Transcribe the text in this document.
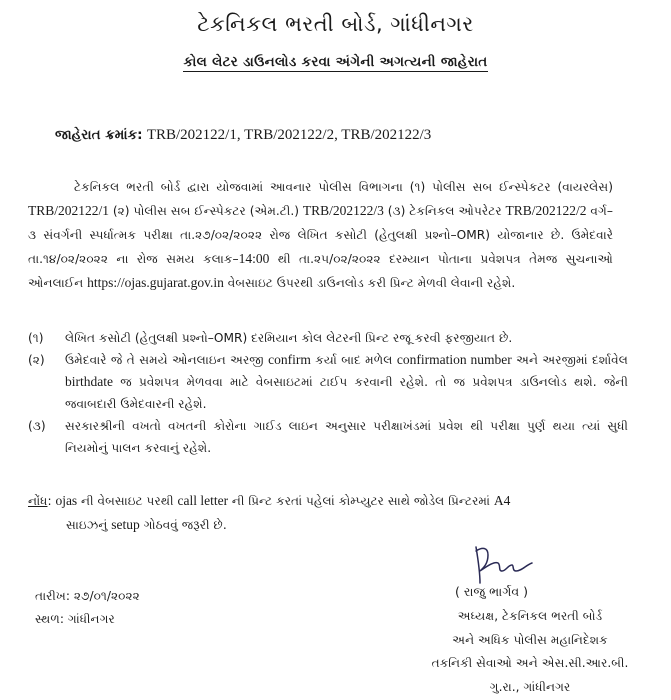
ટેકનિકલ ભરતી બોર્ડ, ગાંધીનગર
કોલ લેટર ડાઉનલોડ કરવા અંગેની અગત્યની જાહેરાત
જાહેરાત ક્રમાંક: TRB/202122/1, TRB/202122/2, TRB/202122/3
ટેકનિકલ ભરતી બોર્ડ દ્વારા યોજવામાં આવનાર પોલીસ વિભાગના (૧) પોલીસ સબ ઈન્સ્પેકટર (વાયરલેસ) TRB/202122/1 (૨) પોલીસ સબ ઈન્સ્પેકટર (એમ.ટી.) TRB/202122/3 (૩) ટેકનિકલ ઓપરેટર TRB/202122/2 વર્ગ–૩ સંવર્ગની સ્પર્ધાત્મક પરીક્ષા તા.૨૭/૦૨/૨૦૨૨ રોજ લેખિત કસોટી (હેતુલક્ષી પ્રશ્નો–OMR) યોજાનાર છે. ઉમેદવારે તા.૧૪/૦૨/૨૦૨૨ ના રોજ સમય કલાક–14:00 થી તા.૨૫/૦૨/૨૦૨૨ દરમ્યાન પોતાના પ્રવેશપત્ર તેમજ સુચનાઓ ઓનલાઈન https://ojas.gujarat.gov.in વેબસાઇટ ઉપરથી ડાઉનલોડ કરી પ્રિન્ટ મેળવી લેવાની રહેશે.
(૧)	લેખિત કસોટી (હેતુલક્ષી પ્રશ્નો–OMR) દરમિયાન કોલ લેટરની પ્રિન્ટ રજૂ કરવી ફરજીયાત છે.
(૨)	ઉમેદવારે જે તે સમયે ઓનલાઇન અરજી confirm કર્યા બાદ મળેલ confirmation number અને અરજીમાં દર્શાવેલ birthdate જ પ્રવેશપત્ર મેળવવા માટે વેબસાઇટમાં ટાઈપ કરવાની રહેશે. તો જ પ્રવેશપત્ર ડાઉનલોડ થશે. જેની જવાબદારી ઉમેદવારની રહેશે.
(૩)	સરકારશ્રીની વખતો વખતની કોરોના ગાઈડ લાઇન અનુસાર પરીક્ષાખંડમાં પ્રવેશ થી પરીક્ષા પુર્ણ થયા ત્યાં સુધી નિયમોનું પાલન કરવાનું રહેશે.
નોંધ: ojas ની વેબસાઇટ પરથી call letter ની પ્રિન્ટ કરતાં પહેલાં કોમ્પ્યુટર સાથે જોડેલ પ્રિન્ટરમાં A4
સાઇઝનું setup ગોઠવવું જરૂરી છે.
( રાજુ ભાર્ગવ )
તારીખ: ૨૭/૦૧/૨૦૨૨
સ્થળ: ગાંધીનગર	અધ્યક્ષ, ટેકનિકલ ભરતી બોર્ડ
અને અધિક પોલીસ મહાનિદેશક
તકનિકી સેવાઓ અને એસ.સી.આર.બી.
ગુ.રા., ગાંધીનગર
